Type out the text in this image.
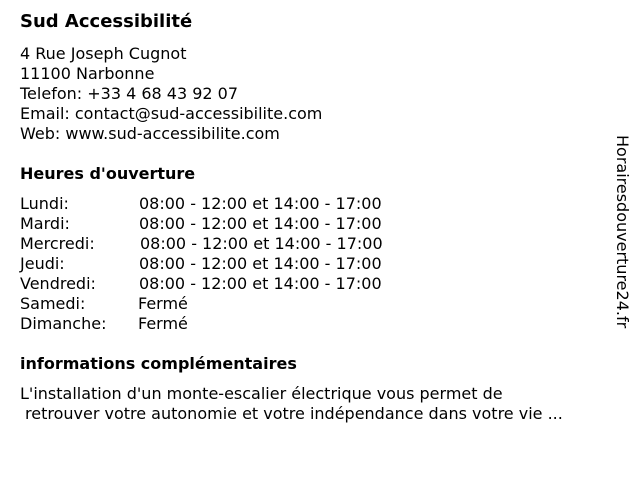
Sud Accessibilité
4 Rue Joseph Cugnot
11100 Narbonne
Telefon: +33 4 68 43 92 07
Email: contact@sud-accessibilite.com
Web: www.sud-accessibilite.com
Heures d'ouverture
Lundi:	08:00 - 12:00 et 14:00 - 17:00
Mardi:	08:00 - 12:00 et 14:00 - 17:00
Mercredi:	08:00 - 12:00 et 14:00 - 17:00
Jeudi:	08:00 - 12:00 et 14:00 - 17:00
Vendredi:	08:00 - 12:00 et 14:00 - 17:00
Samedi:	Fermé
Dimanche: Fermé
informations complémentaires
L'installation d'un monte-escalier électrique vous permet de
retrouver votre autonomie et votre indépendance dans votre vie ...
Horairesdouverture24.fr
